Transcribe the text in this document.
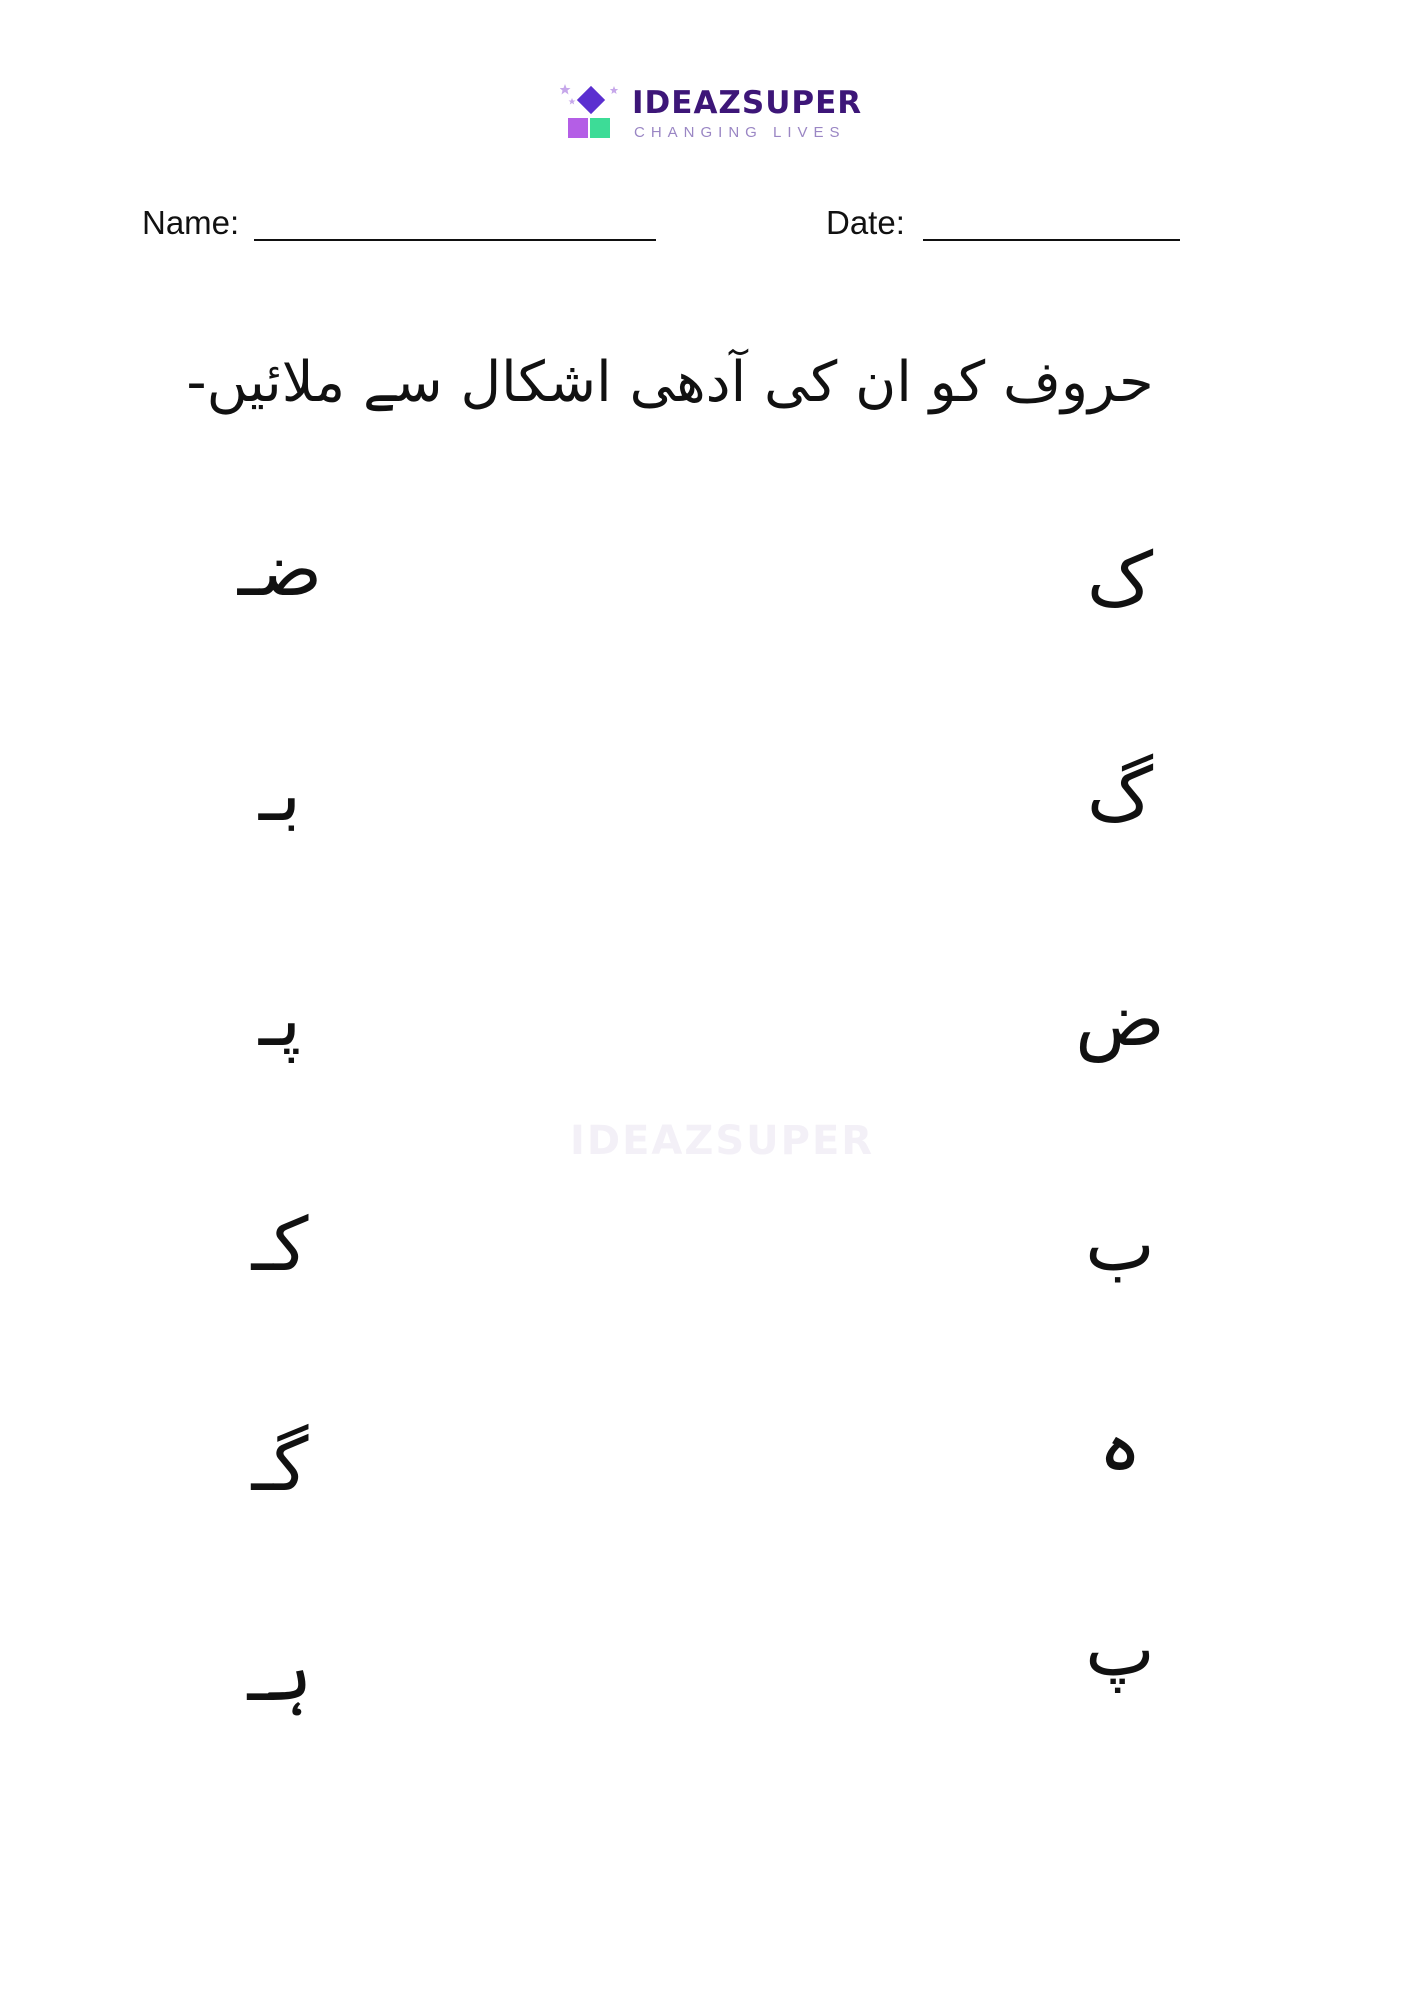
IDEAZSUPER
CHANGING LIVES
Name:	Date:
حروف کو ان کی آدھی اشکال سے ملائیں-
IDEAZSUPER
ضـ
بـ
پـ
کـ
گـ
ہـ
ک
گ
ض
ب
ہ
پ
